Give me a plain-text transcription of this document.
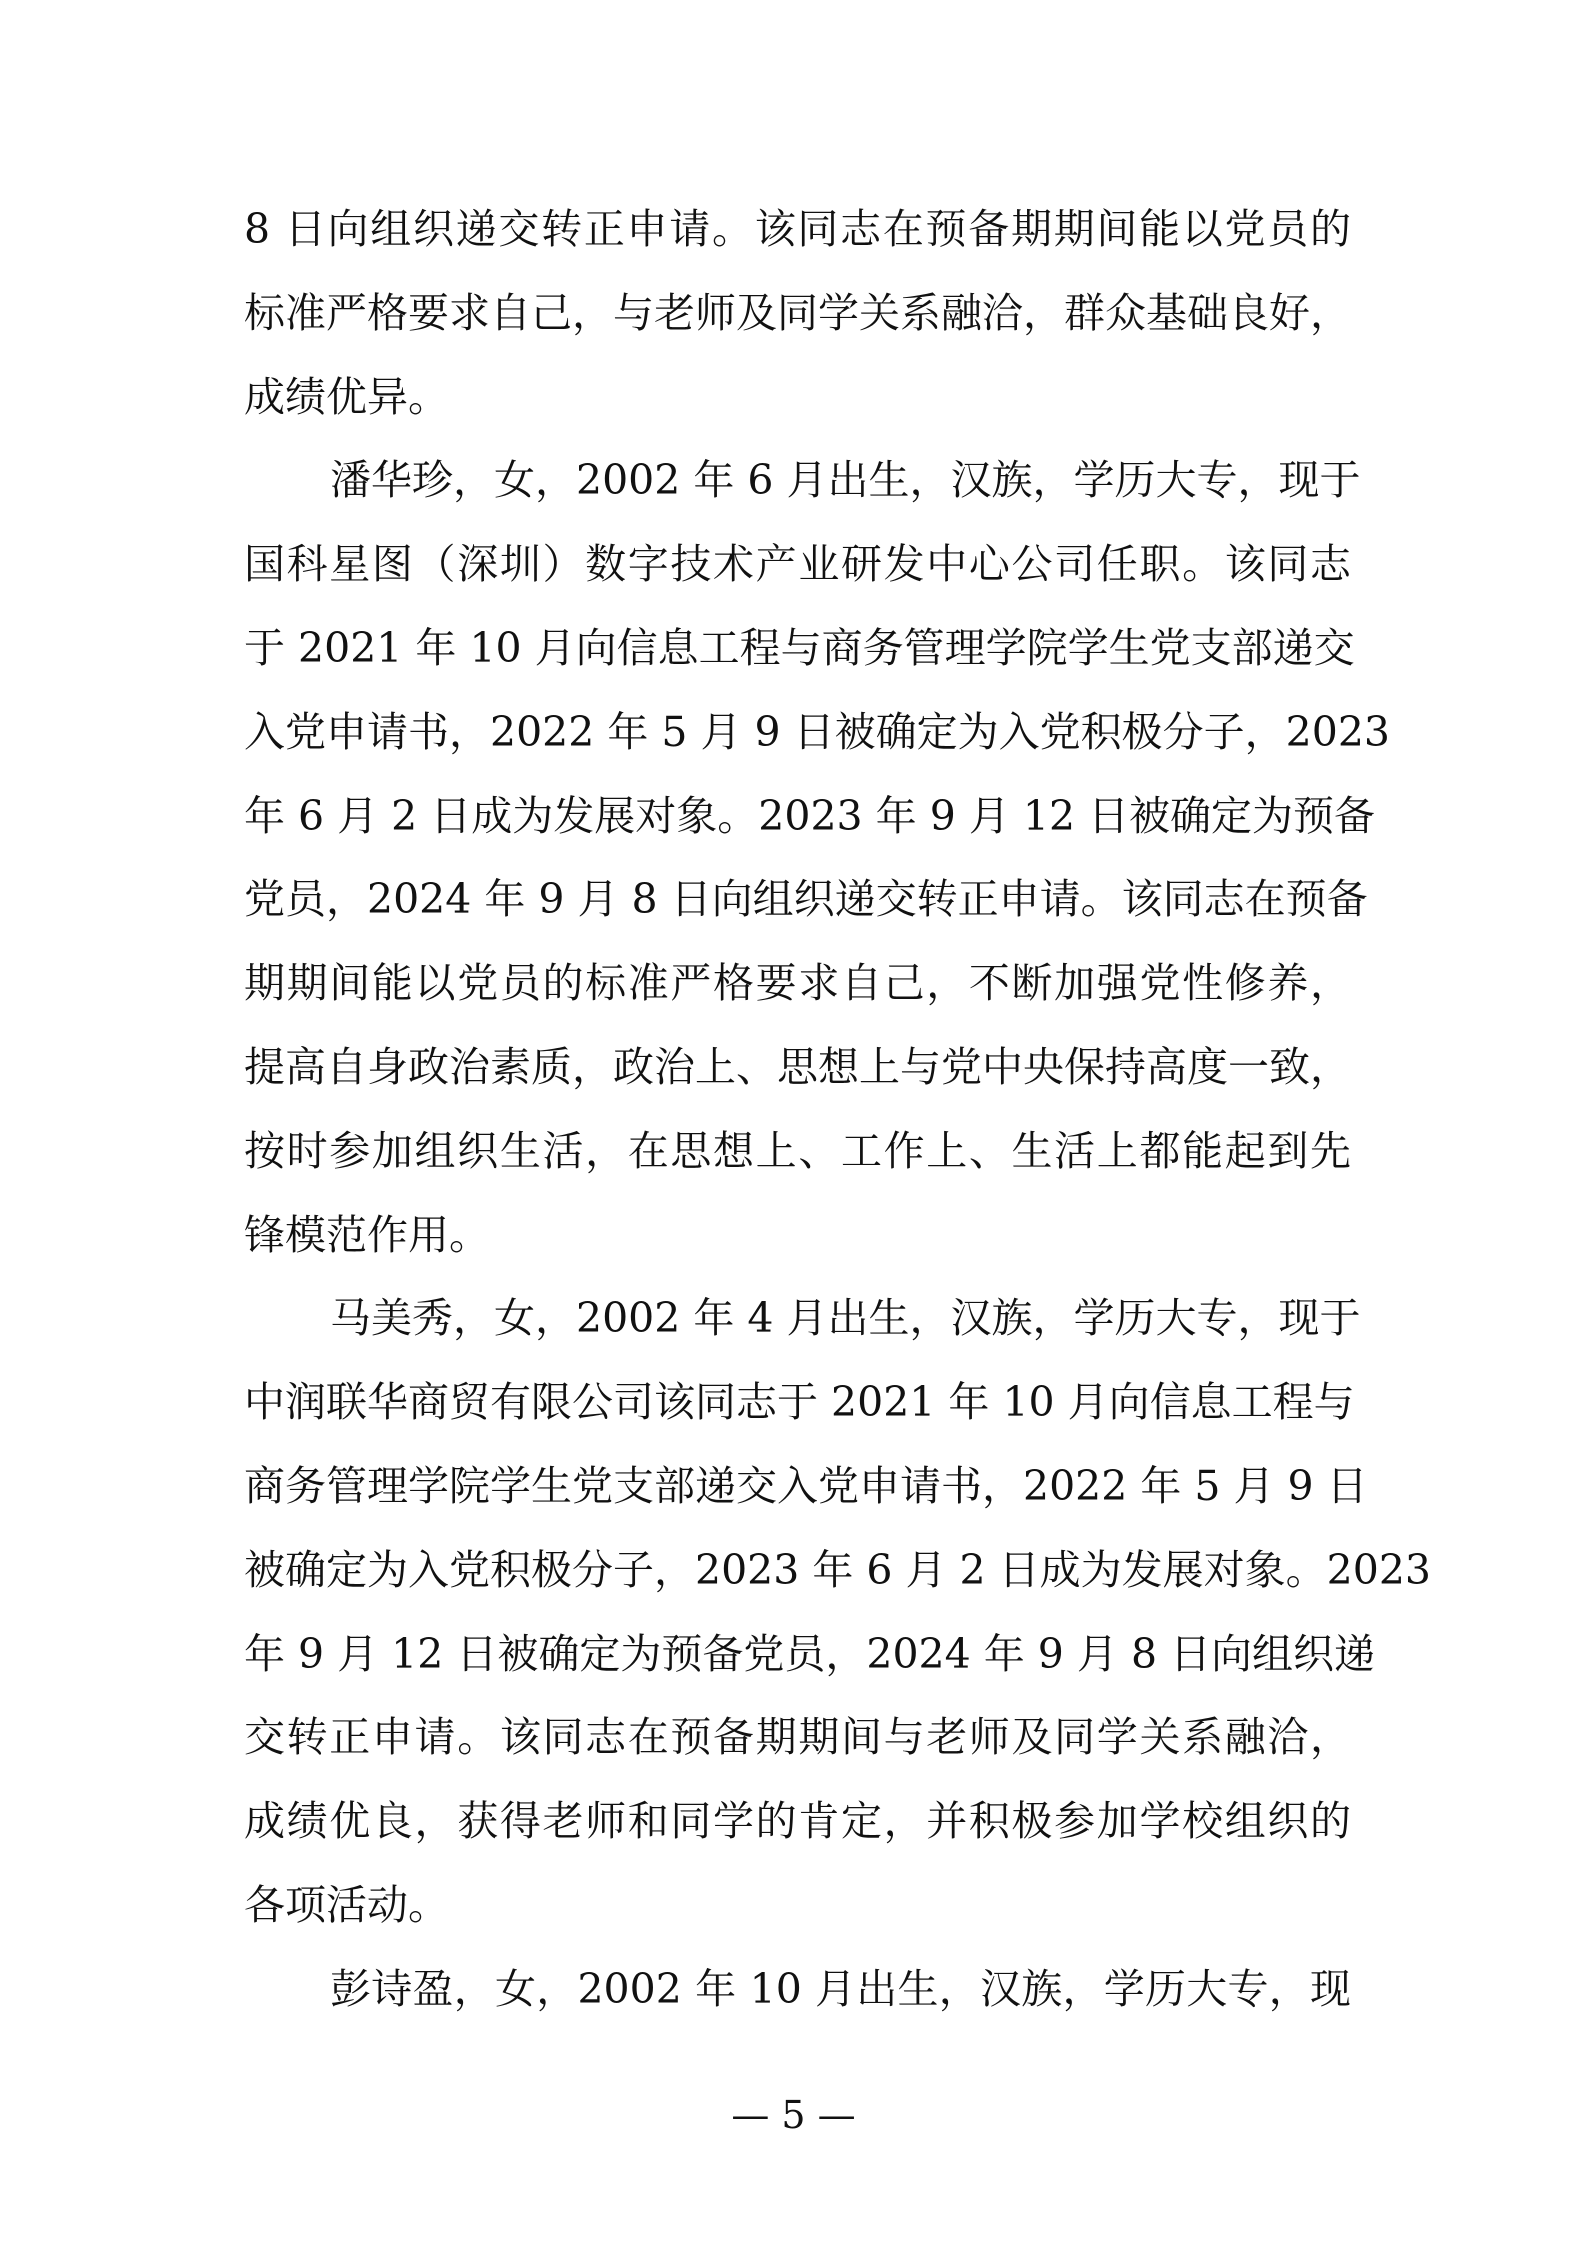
8 日向组织递交转正申请。该同志在预备期期间能以党员的
标准严格要求自己，与老师及同学关系融洽，群众基础良好，
成绩优异。
潘华珍，女，2002 年 6 月出生，汉族，学历大专，现于
国科星图（深圳）数字技术产业研发中心公司任职。该同志
于 2021 年 10 月向信息工程与商务管理学院学生党支部递交
入党申请书，2022 年 5 月 9 日被确定为入党积极分子，2023
年 6 月 2 日成为发展对象。2023 年 9 月 12 日被确定为预备
党员，2024 年 9 月 8 日向组织递交转正申请。该同志在预备
期期间能以党员的标准严格要求自己，不断加强党性修养，
提高自身政治素质，政治上、思想上与党中央保持高度一致，
按时参加组织生活，在思想上、工作上、生活上都能起到先
锋模范作用。
马美秀，女，2002 年 4 月出生，汉族，学历大专，现于
中润联华商贸有限公司该同志于 2021 年 10 月向信息工程与
商务管理学院学生党支部递交入党申请书，2022 年 5 月 9 日
被确定为入党积极分子，2023 年 6 月 2 日成为发展对象。2023
年 9 月 12 日被确定为预备党员，2024 年 9 月 8 日向组织递
交转正申请。该同志在预备期期间与老师及同学关系融洽，
成绩优良，获得老师和同学的肯定，并积极参加学校组织的
各项活动。
彭诗盈，女，2002 年 10 月出生，汉族，学历大专，现
— 5 —
